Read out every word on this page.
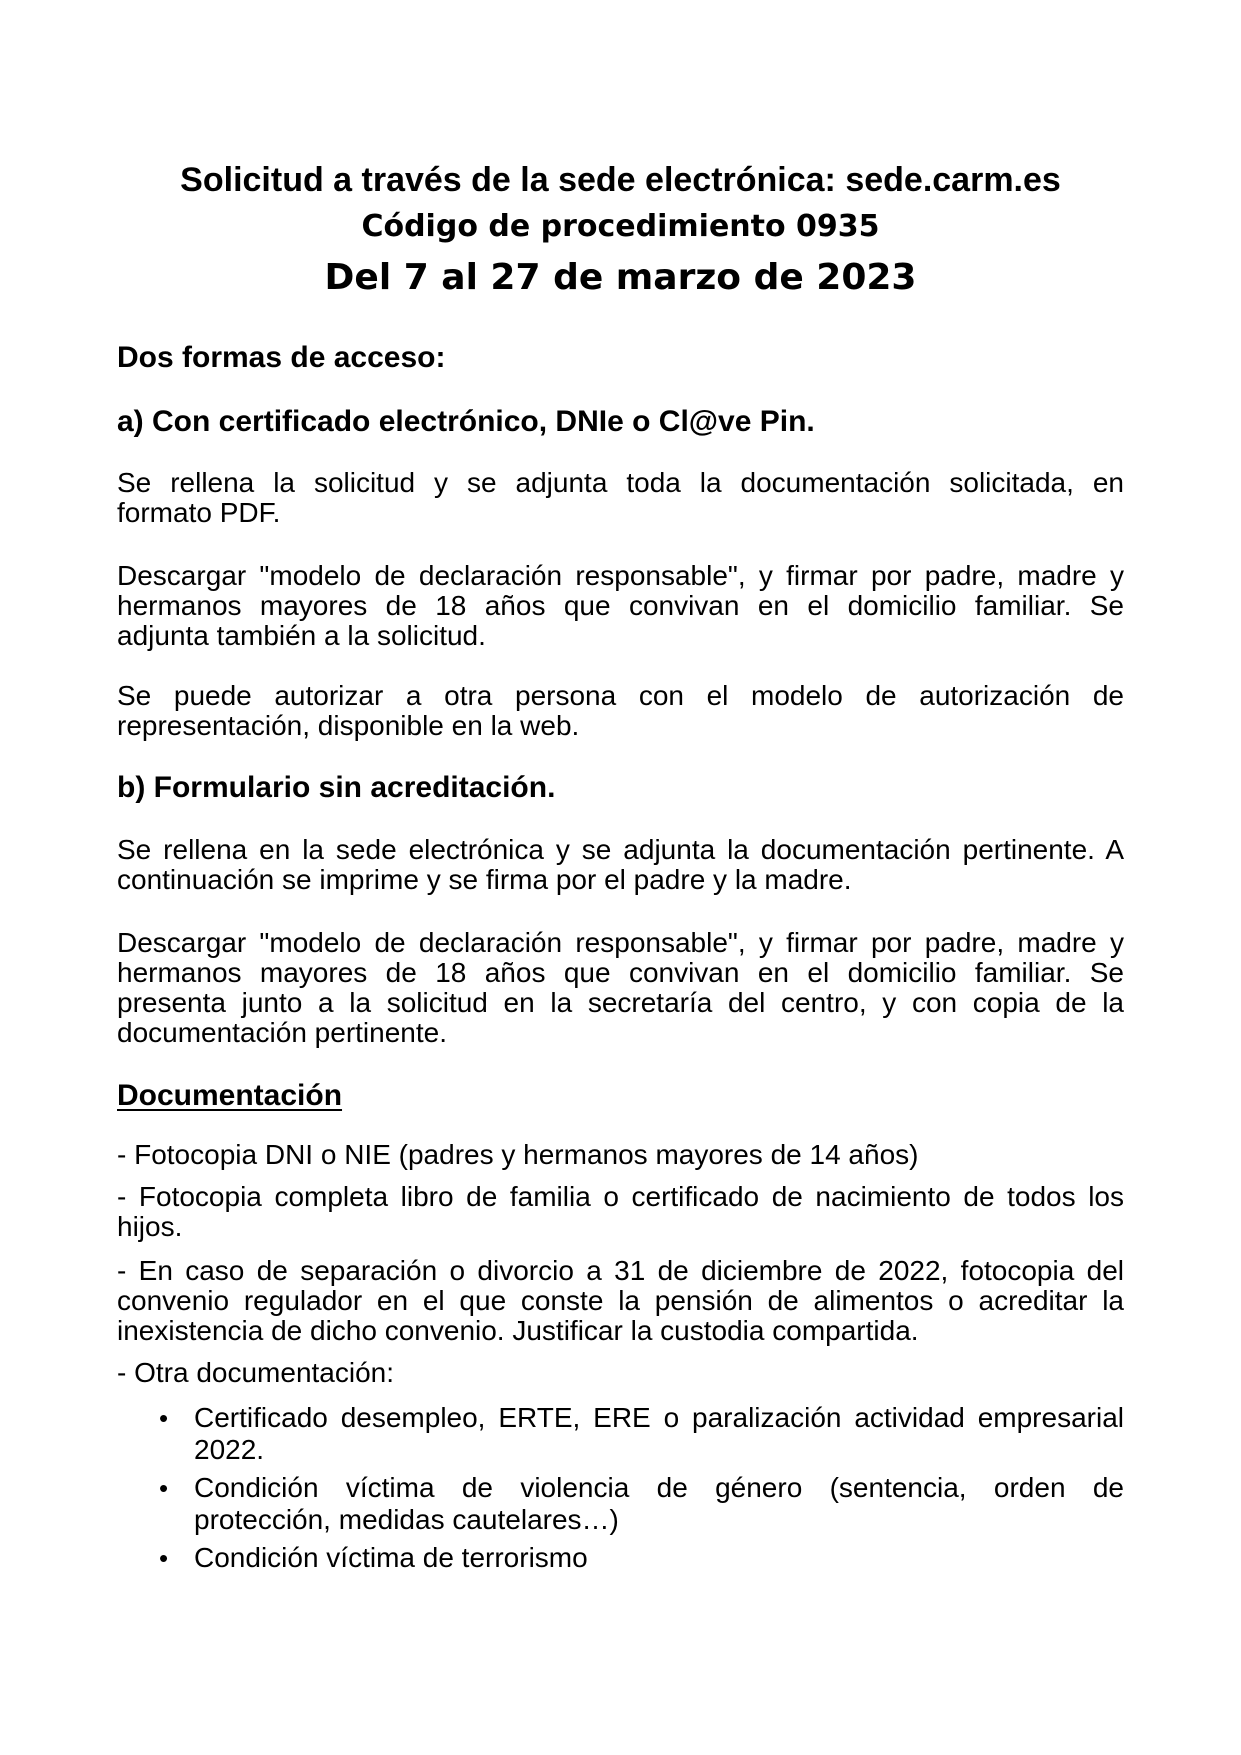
Solicitud a través de la sede electrónica: sede.carm.es
Código de procedimiento 0935
Del 7 al 27 de marzo de 2023
Dos formas de acceso:
a) Con certificado electrónico, DNIe o Cl@ve Pin.
Se rellena la solicitud y se adjunta toda la documentación solicitada, en
formato PDF.
Descargar "modelo de declaración responsable", y firmar por padre, madre y
hermanos mayores de 18 años que convivan en el domicilio familiar. Se
adjunta también a la solicitud.
Se puede autorizar a otra persona con el modelo de autorización de
representación, disponible en la web.
b) Formulario sin acreditación.
Se rellena en la sede electrónica y se adjunta la documentación pertinente. A
continuación se imprime y se firma por el padre y la madre.
Descargar "modelo de declaración responsable", y firmar por padre, madre y
hermanos mayores de 18 años que convivan en el domicilio familiar. Se
presenta junto a la solicitud en la secretaría del centro, y con copia de la
documentación pertinente.
Documentación
- Fotocopia DNI o NIE (padres y hermanos mayores de 14 años)
- Fotocopia completa libro de familia o certificado de nacimiento de todos los
hijos.
- En caso de separación o divorcio a 31 de diciembre de 2022, fotocopia del
convenio regulador en el que conste la pensión de alimentos o acreditar la
inexistencia de dicho convenio. Justificar la custodia compartida.
- Otra documentación:
• Certificado desempleo, ERTE, ERE o paralización actividad empresarial
2022.
• Condición víctima de violencia de género (sentencia, orden de
protección, medidas cautelares…)
• Condición víctima de terrorismo
